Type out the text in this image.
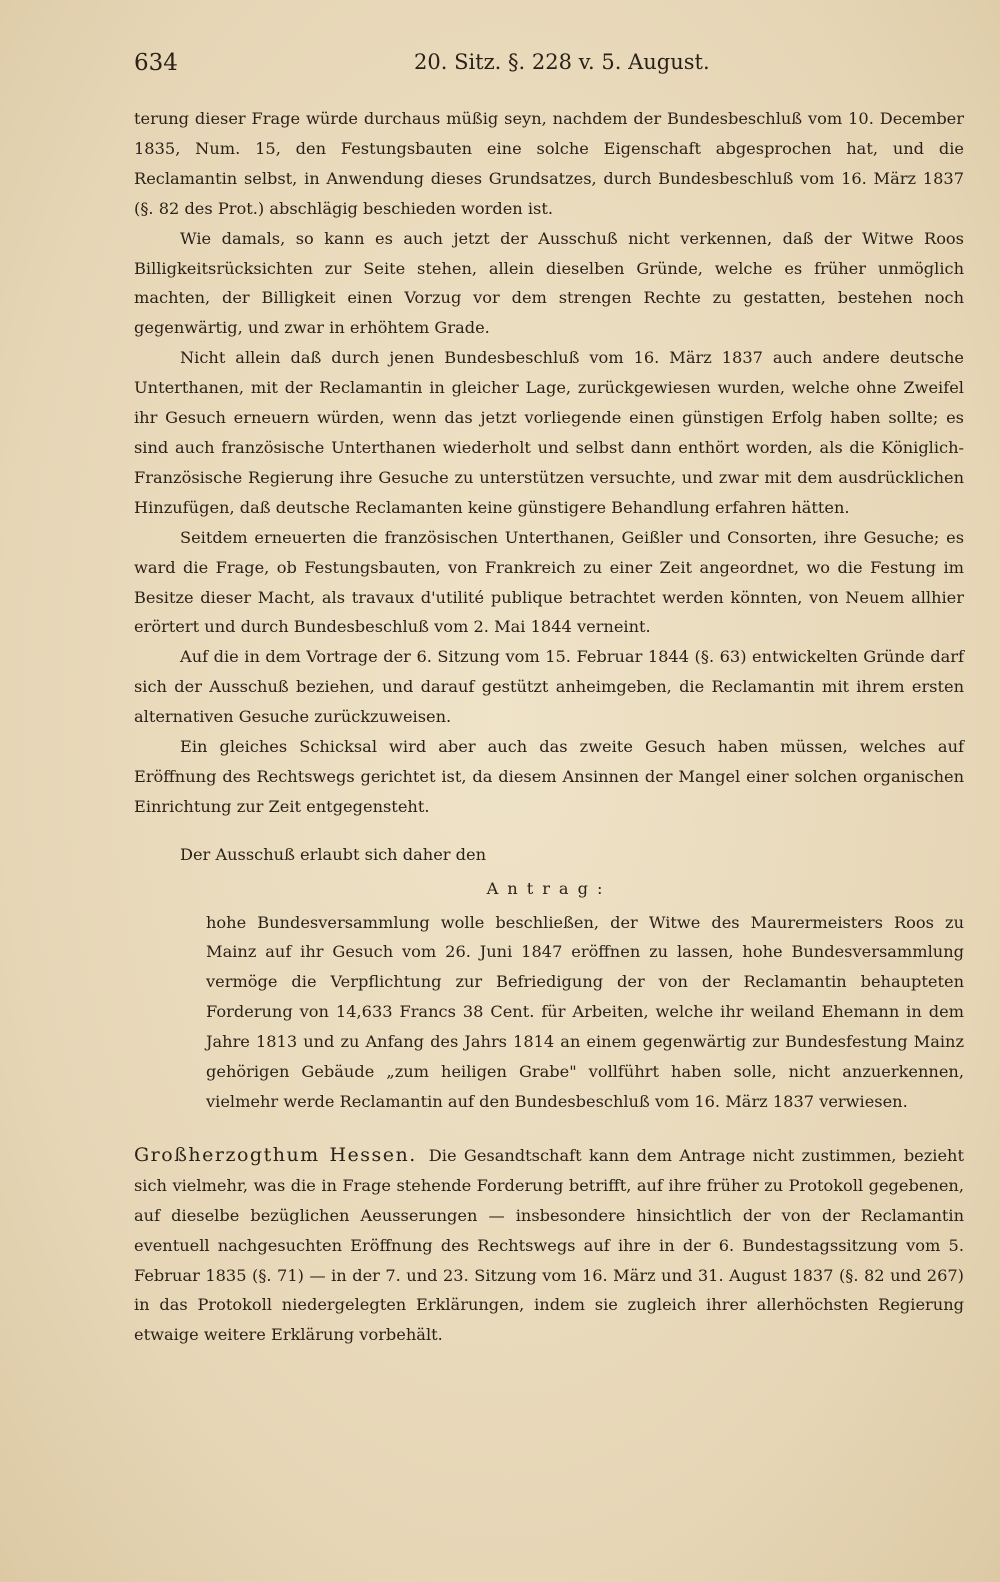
634	20. Sitz. §. 228 v. 5. August.

terung dieser Frage würde durchaus müßig seyn, nachdem der Bundesbeschluß vom 10. December 1835, Num. 15, den Festungsbauten eine solche Eigenschaft abgesprochen hat, und die Reclamantin selbst, in Anwendung dieses Grundsatzes, durch Bundesbeschluß vom 16. März 1837 (§. 82 des Prot.) abschlägig beschieden worden ist.

Wie damals, so kann es auch jetzt der Ausschuß nicht verkennen, daß der Witwe Roos Billigkeitsrücksichten zur Seite stehen, allein dieselben Gründe, welche es früher unmöglich machten, der Billigkeit einen Vorzug vor dem strengen Rechte zu gestatten, bestehen noch gegenwärtig, und zwar in erhöhtem Grade.

Nicht allein daß durch jenen Bundesbeschluß vom 16. März 1837 auch andere deutsche Unterthanen, mit der Reclamantin in gleicher Lage, zurückgewiesen wurden, welche ohne Zweifel ihr Gesuch erneuern würden, wenn das jetzt vorliegende einen günstigen Erfolg haben sollte; es sind auch französische Unterthanen wiederholt und selbst dann enthört worden, als die Königlich-Französische Regierung ihre Gesuche zu unterstützen versuchte, und zwar mit dem ausdrücklichen Hinzufügen, daß deutsche Reclamanten keine günstigere Behandlung erfahren hätten.

Seitdem erneuerten die französischen Unterthanen, Geißler und Consorten, ihre Gesuche; es ward die Frage, ob Festungsbauten, von Frankreich zu einer Zeit angeordnet, wo die Festung im Besitze dieser Macht, als travaux d'utilité publique betrachtet werden könnten, von Neuem allhier erörtert und durch Bundesbeschluß vom 2. Mai 1844 verneint.

Auf die in dem Vortrage der 6. Sitzung vom 15. Februar 1844 (§. 63) entwickelten Gründe darf sich der Ausschuß beziehen, und darauf gestützt anheimgeben, die Reclamantin mit ihrem ersten alternativen Gesuche zurückzuweisen.

Ein gleiches Schicksal wird aber auch das zweite Gesuch haben müssen, welches auf Eröffnung des Rechtswegs gerichtet ist, da diesem Ansinnen der Mangel einer solchen organischen Einrichtung zur Zeit entgegensteht.

Der Ausschuß erlaubt sich daher den

Antrag:

hohe Bundesversammlung wolle beschließen, der Witwe des Maurermeisters Roos zu Mainz auf ihr Gesuch vom 26. Juni 1847 eröffnen zu lassen, hohe Bundesversammlung vermöge die Verpflichtung zur Befriedigung der von der Reclamantin behaupteten Forderung von 14,633 Francs 38 Cent. für Arbeiten, welche ihr weiland Ehemann in dem Jahre 1813 und zu Anfang des Jahrs 1814 an einem gegenwärtig zur Bundesfestung Mainz gehörigen Gebäude „zum heiligen Grabe" vollführt haben solle, nicht anzuerkennen, vielmehr werde Reclamantin auf den Bundesbeschluß vom 16. März 1837 verwiesen.

Großherzogthum Hessen. Die Gesandtschaft kann dem Antrage nicht zustimmen, bezieht sich vielmehr, was die in Frage stehende Forderung betrifft, auf ihre früher zu Protokoll gegebenen, auf dieselbe bezüglichen Aeusserungen — insbesondere hinsichtlich der von der Reclamantin eventuell nachgesuchten Eröffnung des Rechtswegs auf ihre in der 6. Bundestagssitzung vom 5. Februar 1835 (§. 71) — in der 7. und 23. Sitzung vom 16. März und 31. August 1837 (§. 82 und 267) in das Protokoll niedergelegten Erklärungen, indem sie zugleich ihrer allerhöchsten Regierung etwaige weitere Erklärung vorbehält.
